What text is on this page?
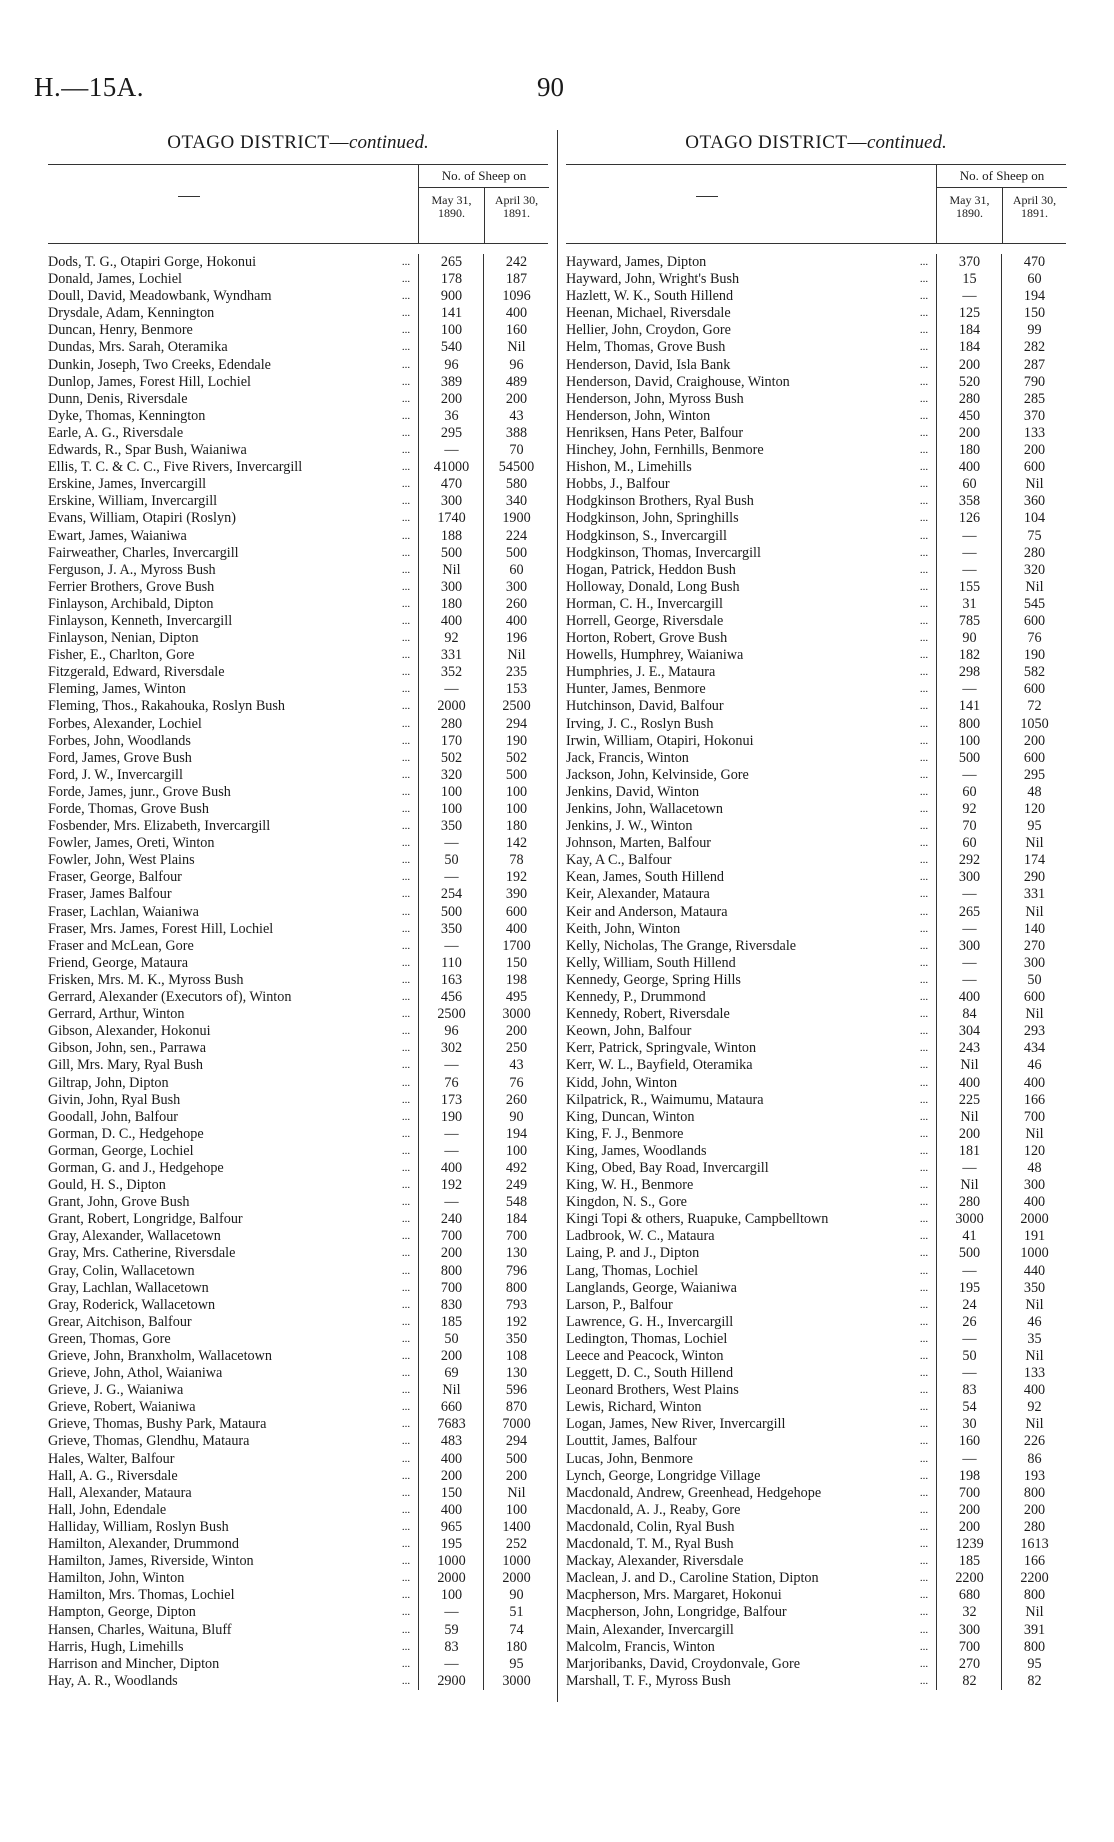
H.—15A.	90
OTAGO DISTRICT—continued.
No. of Sheep on
May 31, 1890.
April 30, 1891.
Dods, T. G., Otapiri Gorge, Hokonui	...	265	242
Donald, James, Lochiel	...	178	187
Doull, David, Meadowbank, Wyndham	...	900	1096
Drysdale, Adam, Kennington	...	141	400
Duncan, Henry, Benmore	...	100	160
Dundas, Mrs. Sarah, Oteramika	...	540	Nil
Dunkin, Joseph, Two Creeks, Edendale	...	96	96
Dunlop, James, Forest Hill, Lochiel	...	389	489
Dunn, Denis, Riversdale	...	200	200
Dyke, Thomas, Kennington	...	36	43
Earle, A. G., Riversdale	...	295	388
Edwards, R., Spar Bush, Waianiwa	...	—	70
Ellis, T. C. & C. C., Five Rivers, Invercargill	...	41000	54500
Erskine, James, Invercargill	...	470	580
Erskine, William, Invercargill	...	300	340
Evans, William, Otapiri (Roslyn)	...	1740	1900
Ewart, James, Waianiwa	...	188	224
Fairweather, Charles, Invercargill	...	500	500
Ferguson, J. A., Myross Bush	...	Nil	60
Ferrier Brothers, Grove Bush	...	300	300
Finlayson, Archibald, Dipton	...	180	260
Finlayson, Kenneth, Invercargill	...	400	400
Finlayson, Nenian, Dipton	...	92	196
Fisher, E., Charlton, Gore	...	331	Nil
Fitzgerald, Edward, Riversdale	...	352	235
Fleming, James, Winton	...	—	153
Fleming, Thos., Rakahouka, Roslyn Bush	...	2000	2500
Forbes, Alexander, Lochiel	...	280	294
Forbes, John, Woodlands	...	170	190
Ford, James, Grove Bush	...	502	502
Ford, J. W., Invercargill	...	320	500
Forde, James, junr., Grove Bush	...	100	100
Forde, Thomas, Grove Bush	...	100	100
Fosbender, Mrs. Elizabeth, Invercargill	...	350	180
Fowler, James, Oreti, Winton	...	—	142
Fowler, John, West Plains	...	50	78
Fraser, George, Balfour	...	—	192
Fraser, James Balfour	...	254	390
Fraser, Lachlan, Waianiwa	...	500	600
Fraser, Mrs. James, Forest Hill, Lochiel	...	350	400
Fraser and McLean, Gore	...	—	1700
Friend, George, Mataura	...	110	150
Frisken, Mrs. M. K., Myross Bush	...	163	198
Gerrard, Alexander (Executors of), Winton	...	456	495
Gerrard, Arthur, Winton	...	2500	3000
Gibson, Alexander, Hokonui	...	96	200
Gibson, John, sen., Parrawa	...	302	250
Gill, Mrs. Mary, Ryal Bush	...	—	43
Giltrap, John, Dipton	...	76	76
Givin, John, Ryal Bush	...	173	260
Goodall, John, Balfour	...	190	90
Gorman, D. C., Hedgehope	...	—	194
Gorman, George, Lochiel	...	—	100
Gorman, G. and J., Hedgehope	...	400	492
Gould, H. S., Dipton	...	192	249
Grant, John, Grove Bush	...	—	548
Grant, Robert, Longridge, Balfour	...	240	184
Gray, Alexander, Wallacetown	...	700	700
Gray, Mrs. Catherine, Riversdale	...	200	130
Gray, Colin, Wallacetown	...	800	796
Gray, Lachlan, Wallacetown	...	700	800
Gray, Roderick, Wallacetown	...	830	793
Grear, Aitchison, Balfour	...	185	192
Green, Thomas, Gore	...	50	350
Grieve, John, Branxholm, Wallacetown	...	200	108
Grieve, John, Athol, Waianiwa	...	69	130
Grieve, J. G., Waianiwa	...	Nil	596
Grieve, Robert, Waianiwa	...	660	870
Grieve, Thomas, Bushy Park, Mataura	...	7683	7000
Grieve, Thomas, Glendhu, Mataura	...	483	294
Hales, Walter, Balfour	...	400	500
Hall, A. G., Riversdale	...	200	200
Hall, Alexander, Mataura	...	150	Nil
Hall, John, Edendale	...	400	100
Halliday, William, Roslyn Bush	...	965	1400
Hamilton, Alexander, Drummond	...	195	252
Hamilton, James, Riverside, Winton	...	1000	1000
Hamilton, John, Winton	...	2000	2000
Hamilton, Mrs. Thomas, Lochiel	...	100	90
Hampton, George, Dipton	...	—	51
Hansen, Charles, Waituna, Bluff	...	59	74
Harris, Hugh, Limehills	...	83	180
Harrison and Mincher, Dipton	...	—	95
Hay, A. R., Woodlands	...	2900	3000
OTAGO DISTRICT—continued.
No. of Sheep on
May 31, 1890.
April 30, 1891.
Hayward, James, Dipton	...	370	470
Hayward, John, Wright's Bush	...	15	60
Hazlett, W. K., South Hillend	...	—	194
Heenan, Michael, Riversdale	...	125	150
Hellier, John, Croydon, Gore	...	184	99
Helm, Thomas, Grove Bush	...	184	282
Henderson, David, Isla Bank	...	200	287
Henderson, David, Craighouse, Winton	...	520	790
Henderson, John, Myross Bush	...	280	285
Henderson, John, Winton	...	450	370
Henriksen, Hans Peter, Balfour	...	200	133
Hinchey, John, Fernhills, Benmore	...	180	200
Hishon, M., Limehills	...	400	600
Hobbs, J., Balfour	...	60	Nil
Hodgkinson Brothers, Ryal Bush	...	358	360
Hodgkinson, John, Springhills	...	126	104
Hodgkinson, S., Invercargill	...	—	75
Hodgkinson, Thomas, Invercargill	...	—	280
Hogan, Patrick, Heddon Bush	...	—	320
Holloway, Donald, Long Bush	...	155	Nil
Horman, C. H., Invercargill	...	31	545
Horrell, George, Riversdale	...	785	600
Horton, Robert, Grove Bush	...	90	76
Howells, Humphrey, Waianiwa	...	182	190
Humphries, J. E., Mataura	...	298	582
Hunter, James, Benmore	...	—	600
Hutchinson, David, Balfour	...	141	72
Irving, J. C., Roslyn Bush	...	800	1050
Irwin, William, Otapiri, Hokonui	...	100	200
Jack, Francis, Winton	...	500	600
Jackson, John, Kelvinside, Gore	...	—	295
Jenkins, David, Winton	...	60	48
Jenkins, John, Wallacetown	...	92	120
Jenkins, J. W., Winton	...	70	95
Johnson, Marten, Balfour	...	60	Nil
Kay, A C., Balfour	...	292	174
Kean, James, South Hillend	...	300	290
Keir, Alexander, Mataura	...	—	331
Keir and Anderson, Mataura	...	265	Nil
Keith, John, Winton	...	—	140
Kelly, Nicholas, The Grange, Riversdale	...	300	270
Kelly, William, South Hillend	...	—	300
Kennedy, George, Spring Hills	...	—	50
Kennedy, P., Drummond	...	400	600
Kennedy, Robert, Riversdale	...	84	Nil
Keown, John, Balfour	...	304	293
Kerr, Patrick, Springvale, Winton	...	243	434
Kerr, W. L., Bayfield, Oteramika	...	Nil	46
Kidd, John, Winton	...	400	400
Kilpatrick, R., Waimumu, Mataura	...	225	166
King, Duncan, Winton	...	Nil	700
King, F. J., Benmore	...	200	Nil
King, James, Woodlands	...	181	120
King, Obed, Bay Road, Invercargill	...	—	48
King, W. H., Benmore	...	Nil	300
Kingdon, N. S., Gore	...	280	400
Kingi Topi & others, Ruapuke, Campbelltown	...	3000	2000
Ladbrook, W. C., Mataura	...	41	191
Laing, P. and J., Dipton	...	500	1000
Lang, Thomas, Lochiel	...	—	440
Langlands, George, Waianiwa	...	195	350
Larson, P., Balfour	...	24	Nil
Lawrence, G. H., Invercargill	...	26	46
Ledington, Thomas, Lochiel	...	—	35
Leece and Peacock, Winton	...	50	Nil
Leggett, D. C., South Hillend	...	—	133
Leonard Brothers, West Plains	...	83	400
Lewis, Richard, Winton	...	54	92
Logan, James, New River, Invercargill	...	30	Nil
Louttit, James, Balfour	...	160	226
Lucas, John, Benmore	...	—	86
Lynch, George, Longridge Village	...	198	193
Macdonald, Andrew, Greenhead, Hedgehope	...	700	800
Macdonald, A. J., Reaby, Gore	...	200	200
Macdonald, Colin, Ryal Bush	...	200	280
Macdonald, T. M., Ryal Bush	...	1239	1613
Mackay, Alexander, Riversdale	...	185	166
Maclean, J. and D., Caroline Station, Dipton	...	2200	2200
Macpherson, Mrs. Margaret, Hokonui	...	680	800
Macpherson, John, Longridge, Balfour	...	32	Nil
Main, Alexander, Invercargill	...	300	391
Malcolm, Francis, Winton	...	700	800
Marjoribanks, David, Croydonvale, Gore	...	270	95
Marshall, T. F., Myross Bush	...	82	82
